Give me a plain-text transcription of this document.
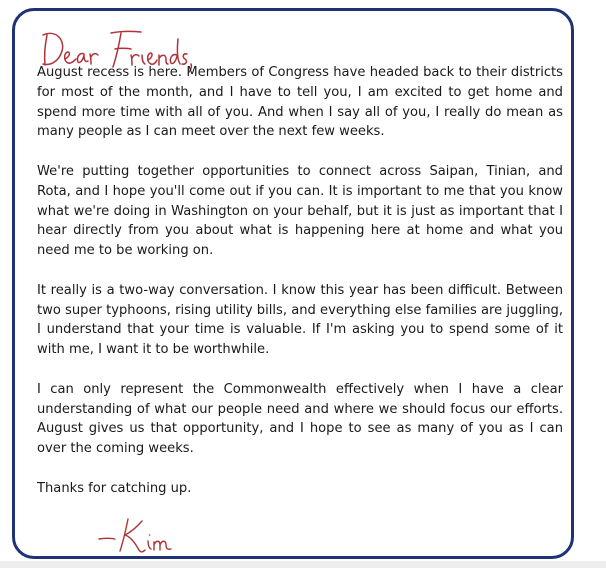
Dear Friends,

August recess is here. Members of Congress have headed back to their districts for most of the month, and I have to tell you, I am excited to get home and spend more time with all of you. And when I say all of you, I really do mean as many people as I can meet over the next few weeks.

We're putting together opportunities to connect across Saipan, Tinian, and Rota, and I hope you'll come out if you can. It is important to me that you know what we're doing in Washington on your behalf, but it is just as important that I hear directly from you about what is happening here at home and what you need me to be working on.

It really is a two-way conversation. I know this year has been difficult. Between two super typhoons, rising utility bills, and everything else families are juggling, I understand that your time is valuable. If I'm asking you to spend some of it with me, I want it to be worthwhile.

I can only represent the Commonwealth effectively when I have a clear understanding of what our people need and where we should focus our efforts. August gives us that opportunity, and I hope to see as many of you as I can over the coming weeks.

Thanks for catching up.

-Kim
